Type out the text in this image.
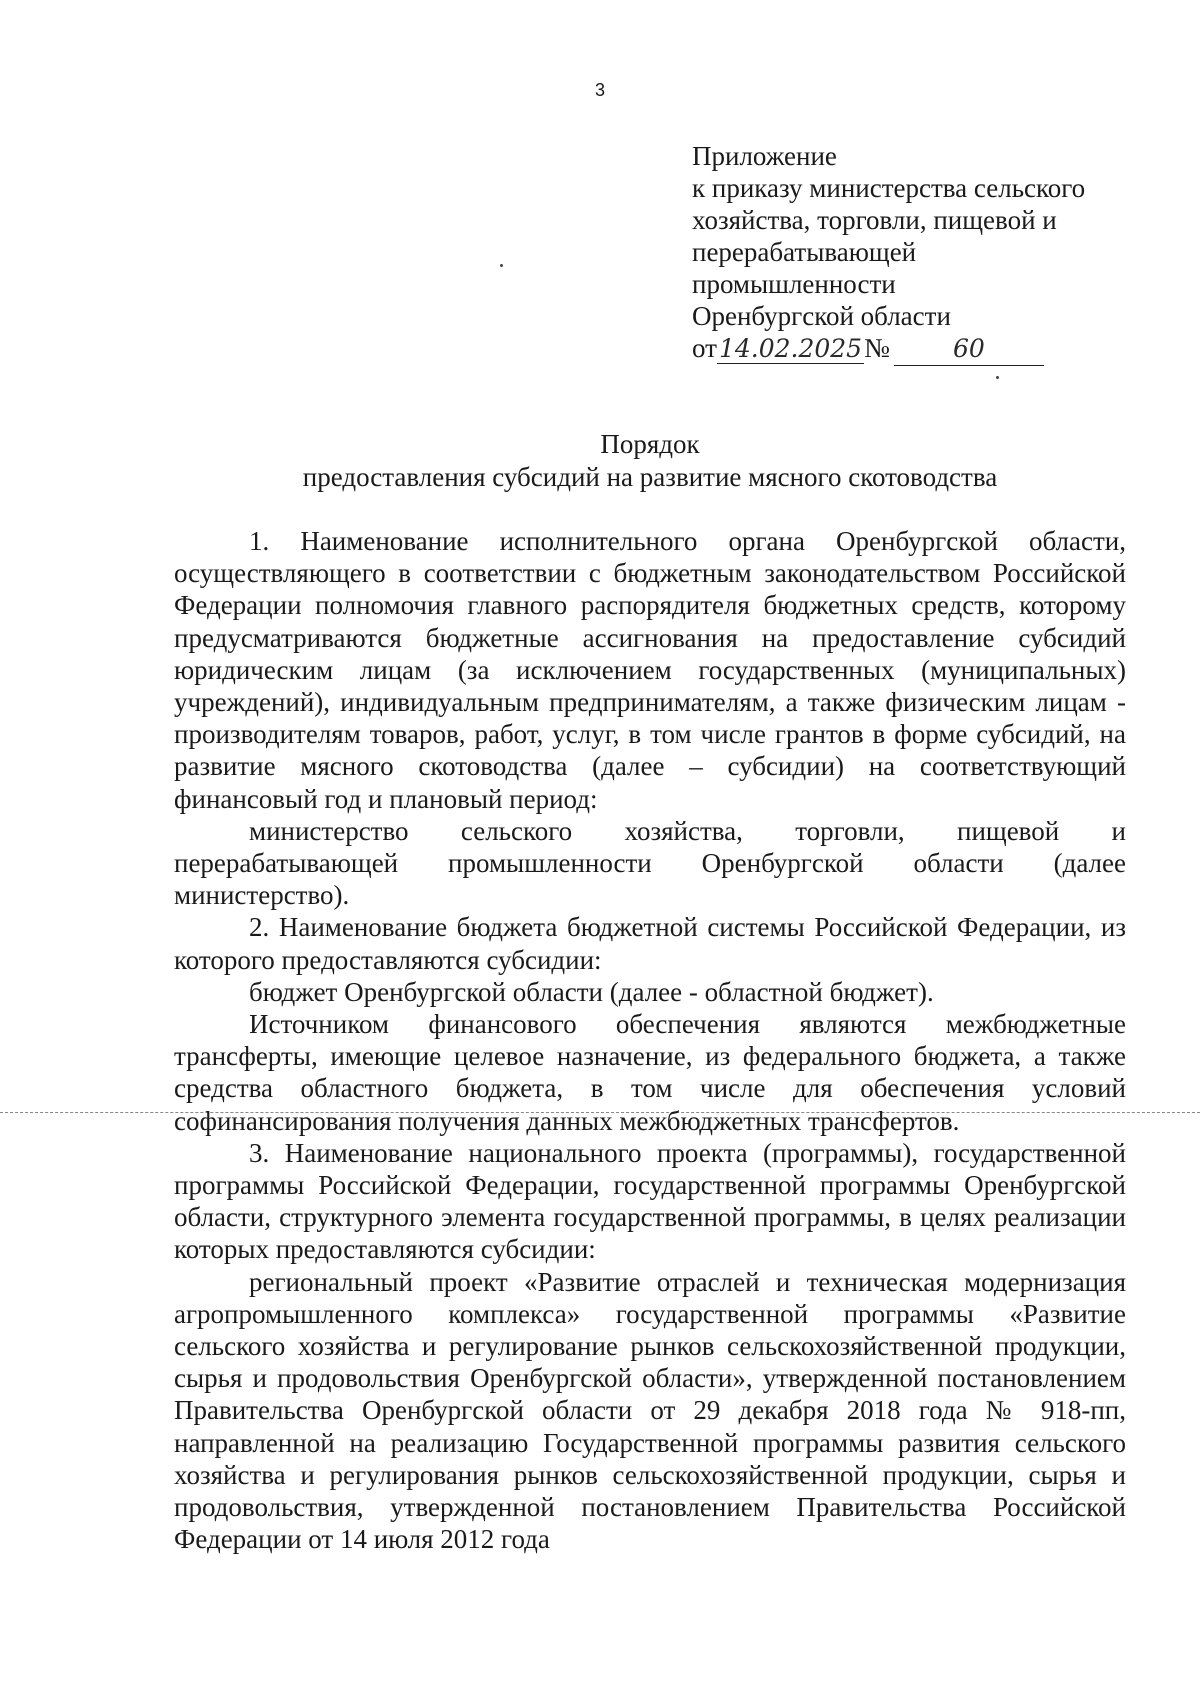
3
Приложение
к приказу министерства сельского
хозяйства, торговли, пищевой и
перерабатывающей
промышленности
Оренбургской области
от14.02.2025№	60
Порядок
предоставления субсидий на развитие мясного скотоводства

1. Наименование исполнительного органа Оренбургской области, осуществляющего в соответствии с бюджетным законодательством Российской Федерации полномочия главного распорядителя бюджетных средств, которому предусматриваются бюджетные ассигнования на предоставление субсидий юридическим лицам (за исключением государственных (муниципальных) учреждений), индивидуальным предпринимателям, а также физическим лицам - производителям товаров, работ, услуг, в том числе грантов в форме субсидий, на развитие мясного скотоводства (далее – субсидии) на соответствующий финансовый год и плановый период:

министерство сельского хозяйства, торговли, пищевой и перерабатывающей промышленности Оренбургской области (далее министерство).

2. Наименование бюджета бюджетной системы Российской Федерации, из которого предоставляются субсидии:

бюджет Оренбургской области (далее - областной бюджет).

Источником финансового обеспечения являются межбюджетные трансферты, имеющие целевое назначение, из федерального бюджета, а также средства областного бюджета, в том числе для обеспечения условий софинансирования получения данных межбюджетных трансфертов.

3. Наименование национального проекта (программы), государственной программы Российской Федерации, государственной программы Оренбургской области, структурного элемента государственной программы, в целях реализации которых предоставляются субсидии:

региональный проект «Развитие отраслей и техническая модернизация агропромышленного комплекса» государственной программы «Развитие сельского хозяйства и регулирование рынков сельскохозяйственной продукции, сырья и продовольствия Оренбургской области», утвержденной постановлением Правительства Оренбургской области от 29 декабря 2018 года № 918-пп, направленной на реализацию Государственной программы развития сельского хозяйства и регулирования рынков сельскохозяйственной продукции, сырья и продовольствия, утвержденной постановлением Правительства Российской Федерации от 14 июля 2012 года
